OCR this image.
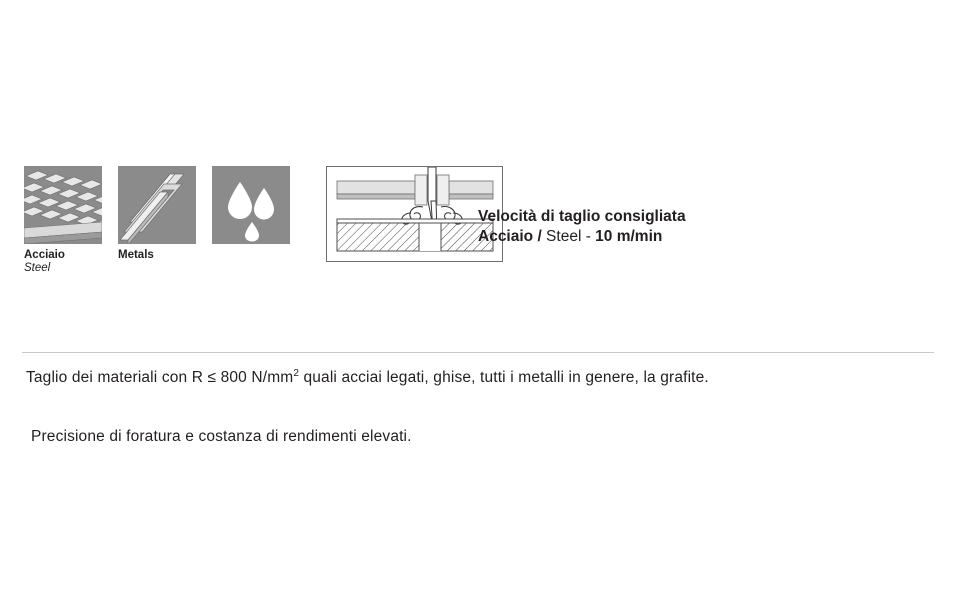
Acciaio
Steel
Metals
Velocità di taglio consigliata
Acciaio / Steel - 10 m/min
Taglio dei materiali con R ≤ 800 $N/mm^2$ quali acciai legati, ghise, tutti i metalli in genere, la grafite.
Precisione di foratura e costanza di rendimenti elevati.
